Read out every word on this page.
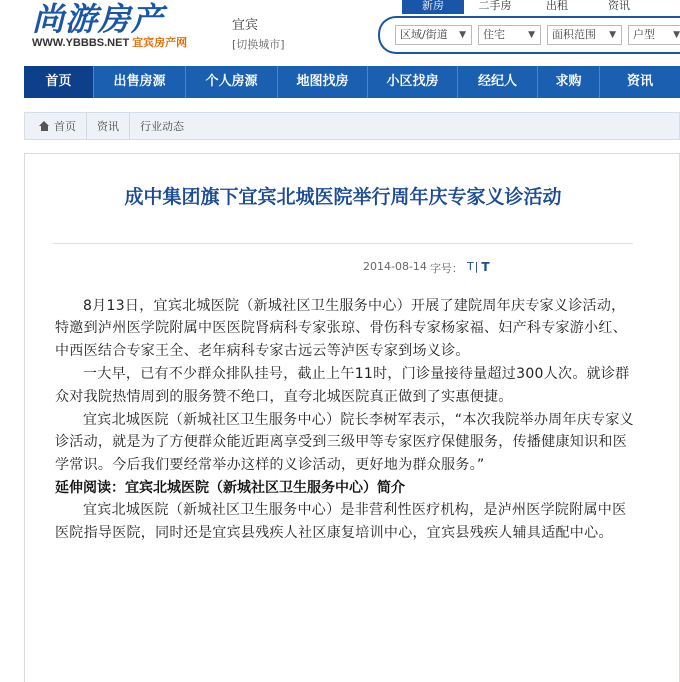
尚游房产
WWW.YBBBS.NET 宜宾房产网
宜宾
[切换城市]
新房	二手房	出租	资讯
区域/街道 ▼	住宅	▼	面积范围 ▼	户型 ▼
首页	出售房源	个人房源	地图找房	小区找房	经纪人	求购	资讯
首页	资讯	行业动态
成中集团旗下宜宾北城医院举行周年庆专家义诊活动
2014-08-14 字号： T | T

8月13日，宜宾北城医院（新城社区卫生服务中心）开展了建院周年庆专家义诊活动，特邀到泸州医学院附属中医医院肾病科专家张琼、骨伤科专家杨家福、妇产科专家游小红、中西医结合专家王全、老年病科专家古远云等泸医专家到场义诊。

一大早，已有不少群众排队挂号，截止上午11时，门诊量接待量超过300人次。就诊群众对我院热情周到的服务赞不绝口，直夸北城医院真正做到了实惠便捷。

宜宾北城医院（新城社区卫生服务中心）院长李树军表示，“本次我院举办周年庆专家义诊活动，就是为了方便群众能近距离享受到三级甲等专家医疗保健服务，传播健康知识和医学常识。今后我们要经常举办这样的义诊活动，更好地为群众服务。”

延伸阅读：宜宾北城医院（新城社区卫生服务中心）简介

宜宾北城医院（新城社区卫生服务中心）是非营利性医疗机构，是泸州医学院附属中医医院指导医院，同时还是宜宾县残疾人社区康复培训中心，宜宾县残疾人辅具适配中心。
